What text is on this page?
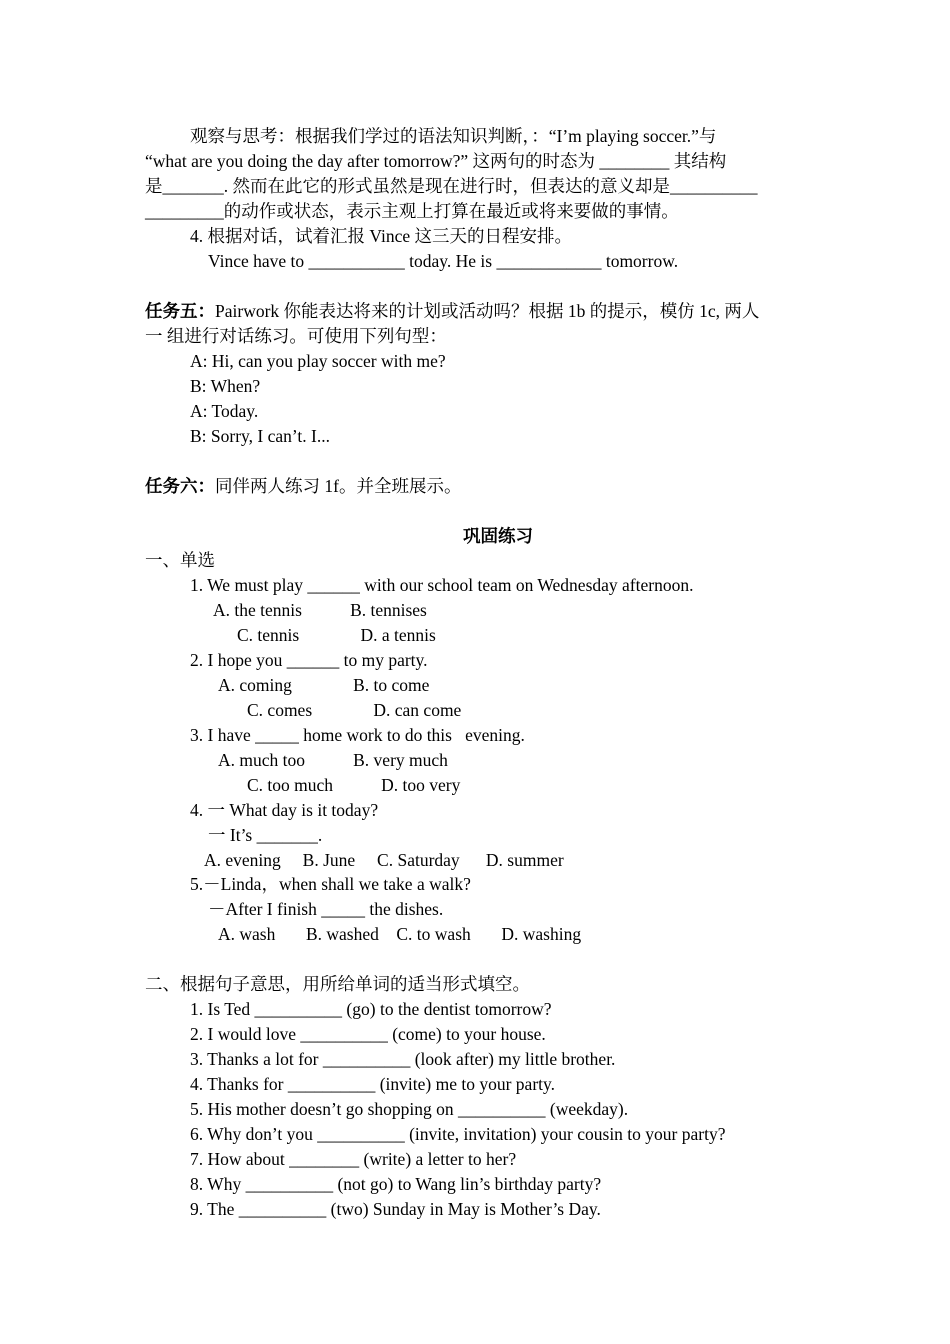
观察与思考：根据我们学过的语法知识判断，：“I’m playing soccer.”与
“what are you doing the day after tomorrow?” 这两句的时态为 ________ 其结构
是_______. 然而在此它的形式虽然是现在进行时，但表达的意义却是__________
_________的动作或状态，表示主观上打算在最近或将来要做的事情。
4. 根据对话，试着汇报 Vince 这三天的日程安排。
Vince have to ___________ today. He is ____________ tomorrow.
任务五：Pairwork 你能表达将来的计划或活动吗？根据 1b 的提示，模仿 1c, 两人
一 组进行对话练习。可使用下列句型：
A: Hi, can you play soccer with me?
B: When?
A: Today.
B: Sorry, I can’t. I...
任务六：同伴两人练习 1f。并全班展示。
巩固练习
一、单选
1. We must play ______ with our school team on Wednesday afternoon.
A. the tennis           B. tennises
C. tennis              D. a tennis
2. I hope you ______ to my party.
A. coming              B. to come
C. comes              D. can come
3. I have _____ home work to do this   evening.
A. much too           B. very much
C. too much           D. too very
4. 一 What day is it today?
一 It’s _______.
A. evening     B. June     C. Saturday      D. summer
5.－Linda，when shall we take a walk?
－After I finish _____ the dishes.
A. wash       B. washed    C. to wash       D. washing
二、根据句子意思，用所给单词的适当形式填空。
1. Is Ted __________ (go) to the dentist tomorrow?
2. I would love __________ (come) to your house.
3. Thanks a lot for __________ (look after) my little brother.
4. Thanks for __________ (invite) me to your party.
5. His mother doesn’t go shopping on __________ (weekday).
6. Why don’t you __________ (invite, invitation) your cousin to your party?
7. How about ________ (write) a letter to her?
8. Why __________ (not go) to Wang lin’s birthday party?
9. The __________ (two) Sunday in May is Mother’s Day.
